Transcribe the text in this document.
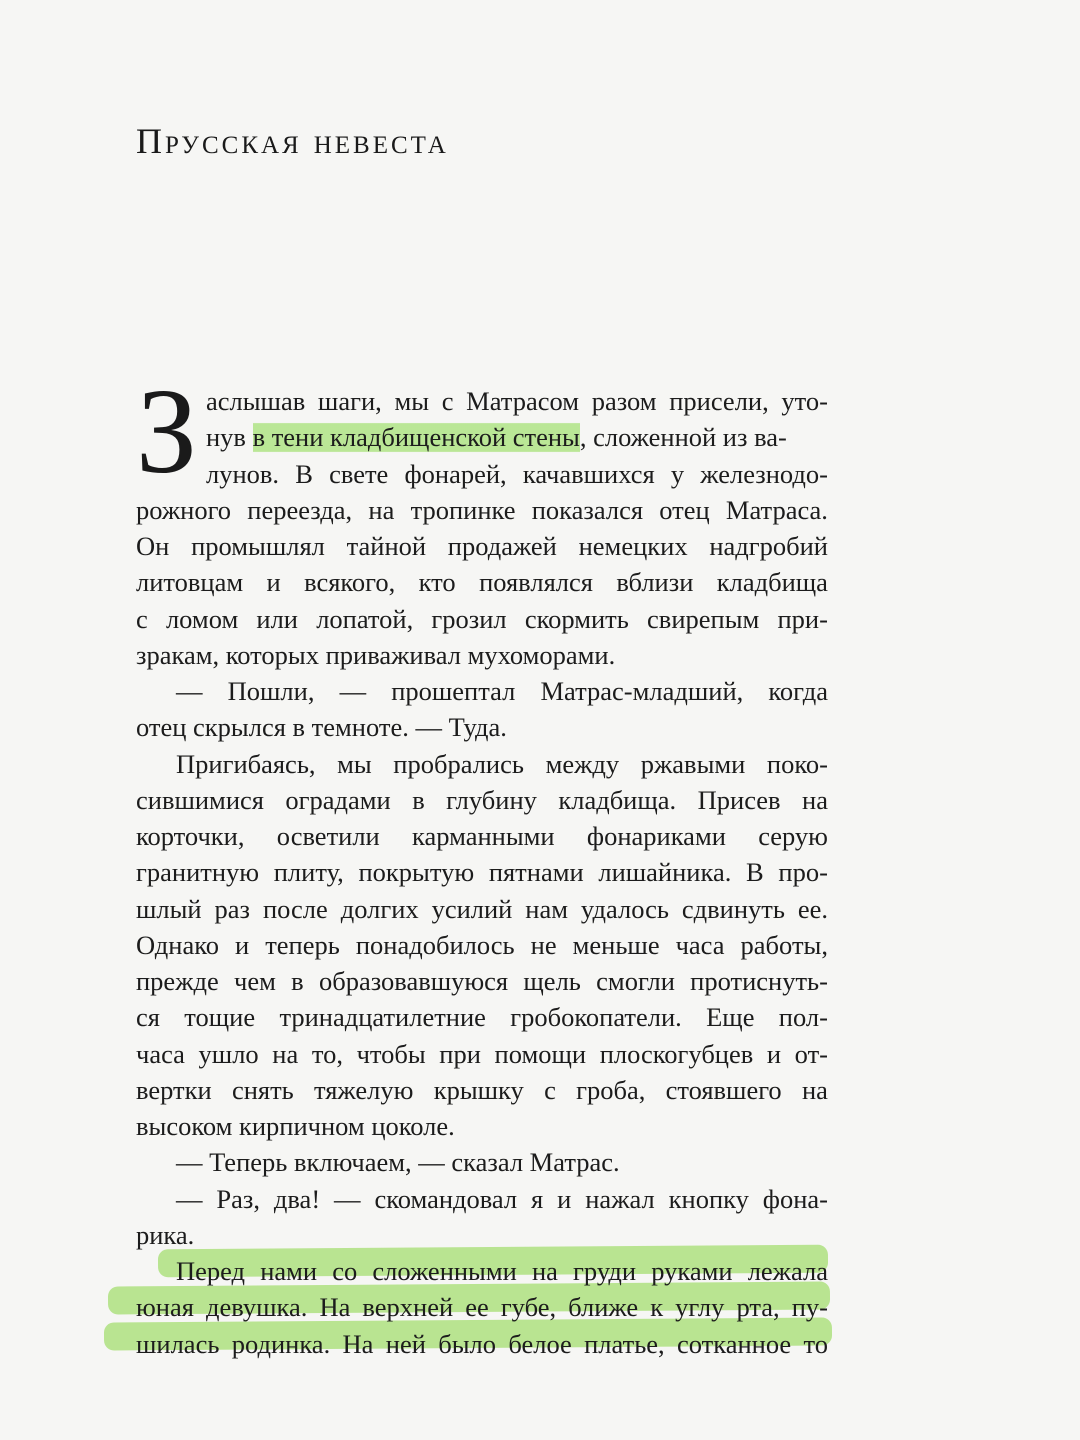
Прусская невеста
З аслышав шаги, мы с Матрасом разом присели, уто-
нув в тени кладбищенской стены , сложенной из ва-
лунов. В свете фонарей, качавшихся у железнодо-
рожного переезда, на тропинке показался отец Матраса.
Он промышлял тайной продажей немецких надгробий
литовцам и всякого, кто появлялся вблизи кладбища
с ломом или лопатой, грозил скормить свирепым при-
зракам, которых приваживал мухоморами.
— Пошли, — прошептал Матрас-младший, когда
отец скрылся в темноте. — Туда.
Пригибаясь, мы пробрались между ржавыми поко-
сившимися оградами в глубину кладбища. Присев на
корточки, осветили карманными фонариками серую
гранитную плиту, покрытую пятнами лишайника. В про-
шлый раз после долгих усилий нам удалось сдвинуть ее.
Однако и теперь понадобилось не меньше часа работы,
прежде чем в образовавшуюся щель смогли протиснуть-
ся тощие тринадцатилетние гробокопатели. Еще пол-
часа ушло на то, чтобы при помощи плоскогубцев и от-
вертки снять тяжелую крышку с гроба, стоявшего на
высоком кирпичном цоколе.
— Теперь включаем, — сказал Матрас.
— Раз, два! — скомандовал я и нажал кнопку фона-
рика.
Перед нами со сложенными на груди руками лежала
юная девушка. На верхней ее губе, ближе к углу рта, пу-
шилась родинка. На ней было белое платье, сотканное то
